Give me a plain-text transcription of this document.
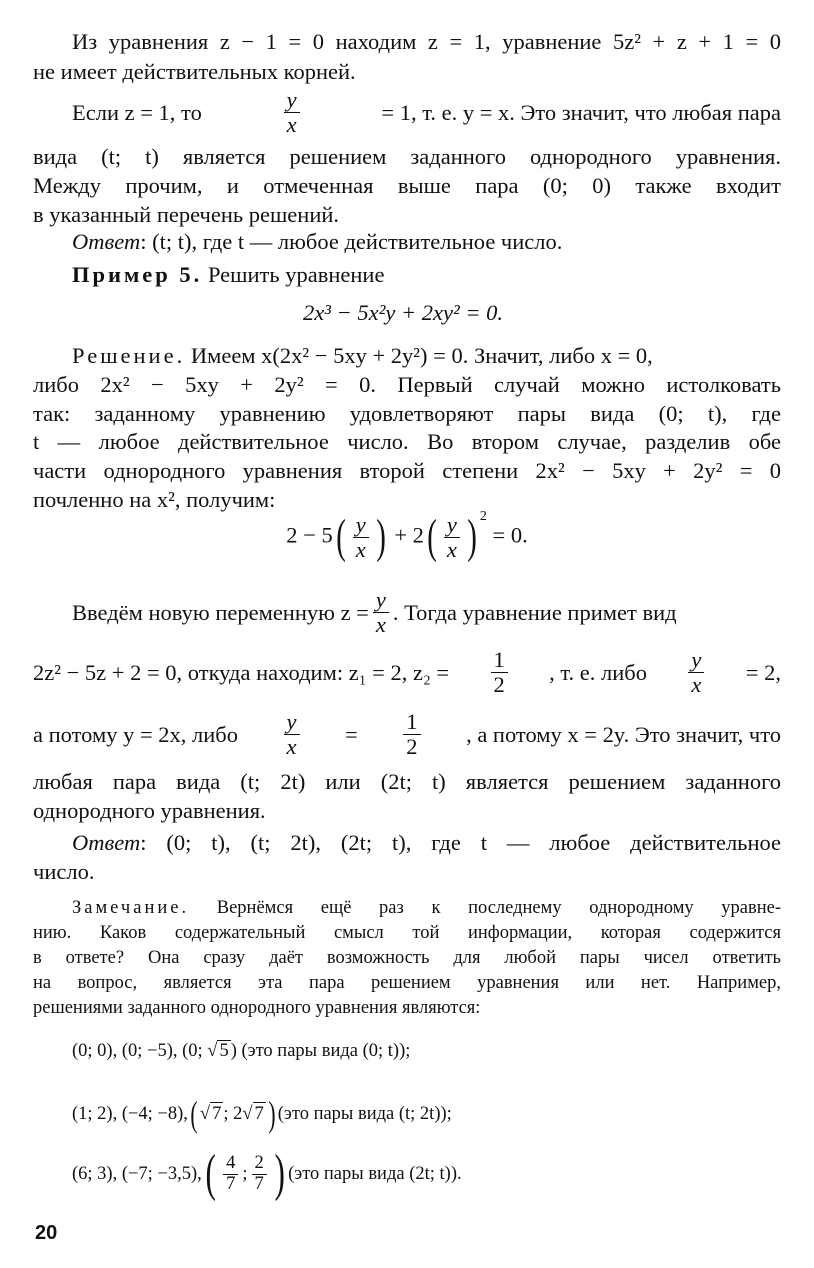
Из уравнения z − 1 = 0 находим z = 1, уравнение 5z² + z + 1 = 0
не имеет действительных корней.
Если z = 1, то	$\frac{y}{x}$	= 1, т. е. y = x. Это значит, что любая пара
вида (t; t) является решением заданного однородного уравнения.
Между прочим, и отмеченная выше пара (0; 0) также входит
в указанный перечень решений.
Ответ: (t; t), где t — любое действительное число.
Пример 5. Решить уравнение
2x³ − 5x²y + 2xy² = 0.
Решение. Имеем x(2x² − 5xy + 2y²) = 0. Значит, либо x = 0,
либо 2x² − 5xy + 2y² = 0. Первый случай можно истолковать
так: заданному уравнению удовлетворяют пары вида (0; t), где
t — любое действительное число. Во втором случае, разделив обе
части однородного уравнения второй степени 2x² − 5xy + 2y² = 0
почленно на x², получим:
$2 - 5( \frac{y}{x}$ ) + $2( \frac{y}{x}$ ) $^2$ = 0.
Введём новую переменную $z = \frac{y}{x}$ . Тогда уравнение примет вид
2z² − 5z + 2 = 0, откуда находим: z₁ = 2, $z_2 = \frac{1}{2}$ , т. е. либо $\frac{y}{x} = 2$,
а потому y = 2x, либо $\frac{y}{x} = \frac{1}{2}$ , а потому x = 2y. Это значит, что
любая пара вида (t; 2t) или (2t; t) является решением заданного
однородного уравнения.
Ответ: (0; t), (t; 2t), (2t; t), где t — любое действительное
число.
Замечание. Вернёмся ещё раз к последнему однородному уравне-
нию. Каков содержательный смысл той информации, которая содержится
в ответе? Она сразу даёт возможность для любой пары чисел ответить
на вопрос, является эта пара решением уравнения или нет. Например,
решениями заданного однородного уравнения являются:
(0; 0), (0; −5), (0; √ 5 ) (это пары вида (0; t));
(1; 2), (−4; −8), ( √ 7 ; 2 √ 7 ) (это пары вида (t; 2t));
(6; 3), (−7; −3,5), ( $\frac{4}{7}$ ; $\frac{2}{7}$ ) (это пары вида (2t; t)).
20
